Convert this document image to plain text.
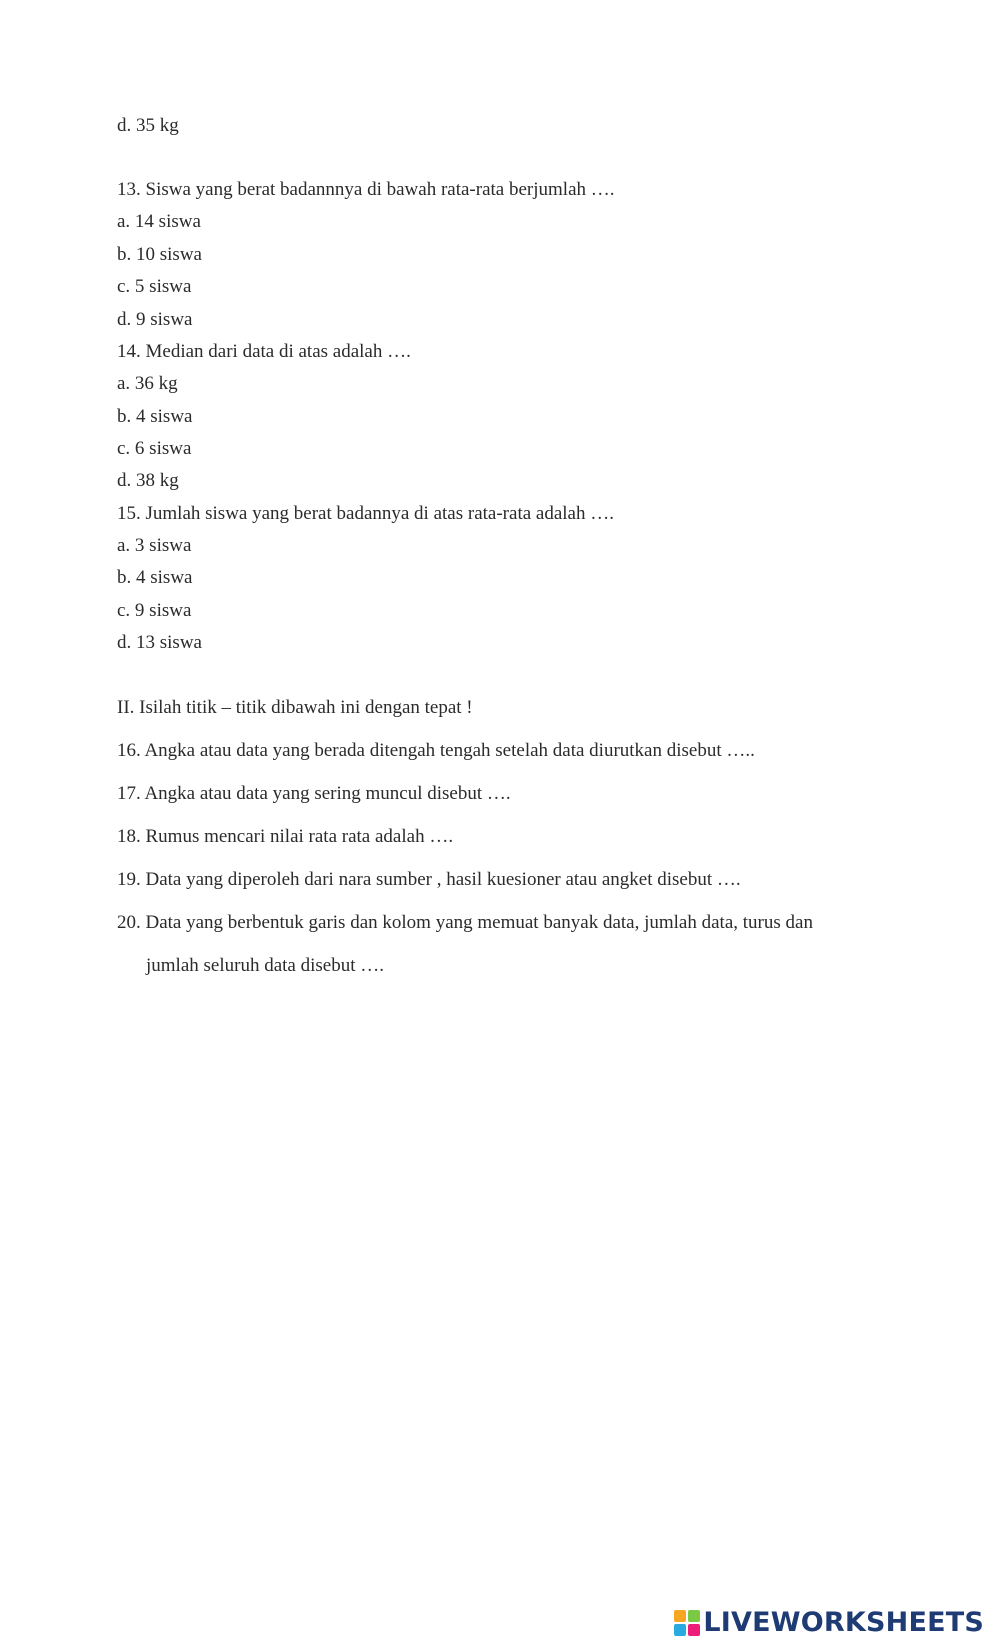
d. 35 kg
13. Siswa yang berat badannnya di bawah rata-rata berjumlah ….
a. 14 siswa
b. 10 siswa
c. 5 siswa
d. 9 siswa
14. Median dari data di atas adalah ….
a. 36 kg
b. 4 siswa
c. 6 siswa
d. 38 kg
15. Jumlah siswa yang berat badannya di atas rata-rata adalah ….
a. 3 siswa
b. 4 siswa
c. 9 siswa
d. 13 siswa
II. Isilah titik – titik dibawah ini dengan tepat !
16. Angka atau data yang berada ditengah tengah setelah data diurutkan disebut …..
17. Angka atau data yang sering muncul disebut ….
18. Rumus mencari nilai rata rata adalah ….
19. Data yang diperoleh dari nara sumber , hasil kuesioner atau angket disebut ….
20. Data yang berbentuk garis dan kolom yang memuat banyak data, jumlah data, turus dan
jumlah seluruh data disebut ….
LIVEWORKSHEETS
